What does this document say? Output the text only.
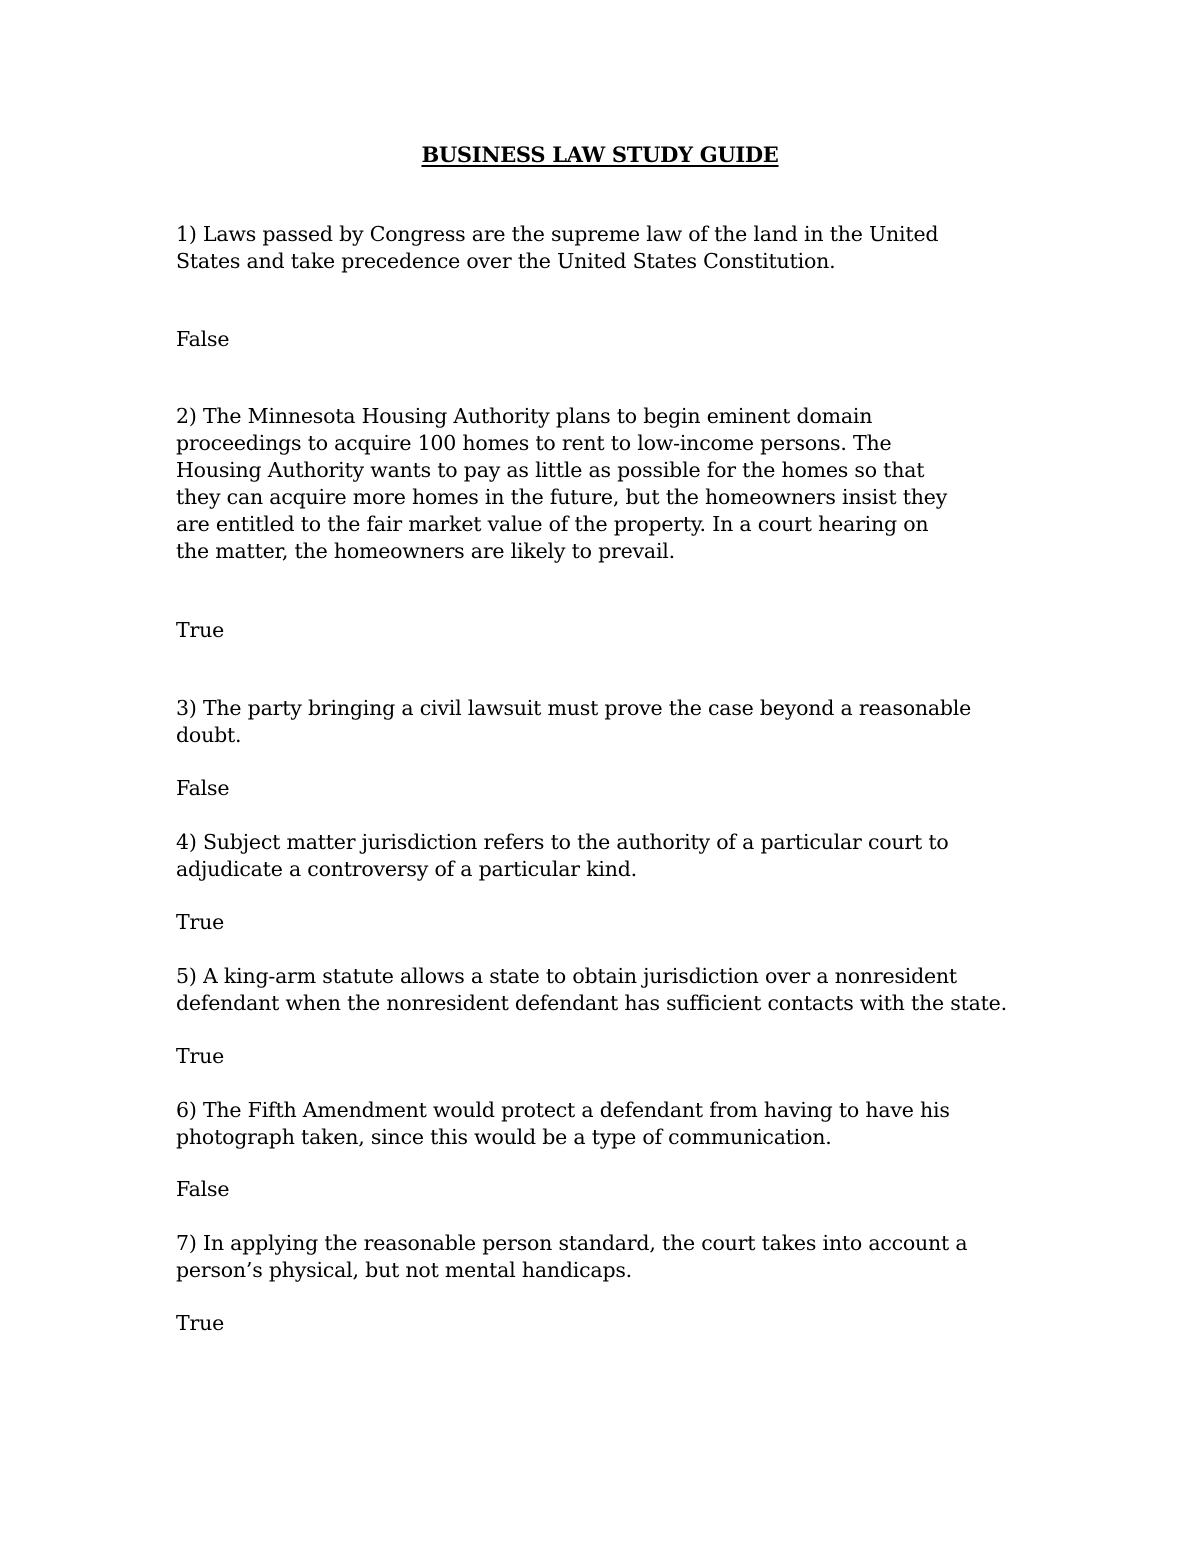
BUSINESS LAW STUDY GUIDE
1) Laws passed by Congress are the supreme law of the land in the United
States and take precedence over the United States Constitution.
False
2) The Minnesota Housing Authority plans to begin eminent domain
proceedings to acquire 100 homes to rent to low-income persons. The
Housing Authority wants to pay as little as possible for the homes so that
they can acquire more homes in the future, but the homeowners insist they
are entitled to the fair market value of the property. In a court hearing on
the matter, the homeowners are likely to prevail.
True
3) The party bringing a civil lawsuit must prove the case beyond a reasonable
doubt.
False
4) Subject matter jurisdiction refers to the authority of a particular court to
adjudicate a controversy of a particular kind.
True
5) A king-arm statute allows a state to obtain jurisdiction over a nonresident
defendant when the nonresident defendant has sufficient contacts with the state.
True
6) The Fifth Amendment would protect a defendant from having to have his
photograph taken, since this would be a type of communication.
False
7) In applying the reasonable person standard, the court takes into account a
person’s physical, but not mental handicaps.
True
